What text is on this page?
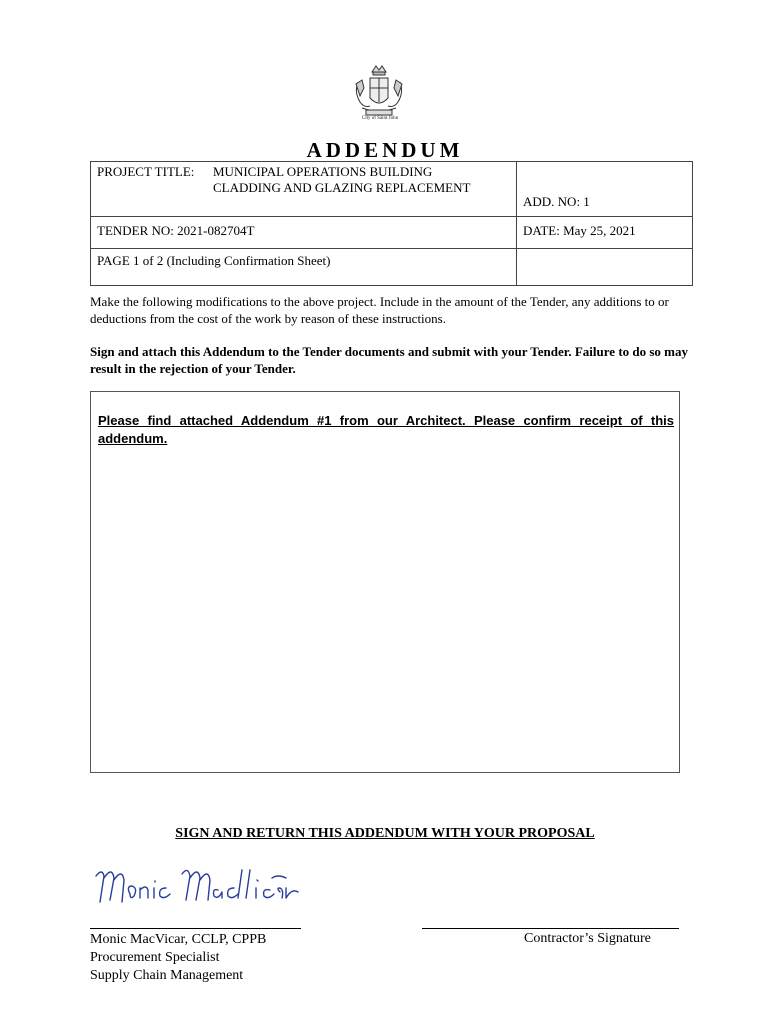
City of Saint John
ADDENDUM
PROJECT TITLE: MUNICIPAL OPERATIONS BUILDING
CLADDING AND GLAZING REPLACEMENT	ADD. NO: 1
TENDER NO: 2021-082704T	DATE: May 25, 2021
PAGE 1 of 2 (Including Confirmation Sheet)	
Make the following modifications to the above project. Include in the amount of the Tender, any additions to or deductions from the cost of the work by reason of these instructions.
Sign and attach this Addendum to the Tender documents and submit with your Tender. Failure to do so may result in the rejection of your Tender.
Please find attached Addendum #1 from our Architect. Please confirm receipt of this addendum.
SIGN AND RETURN THIS ADDENDUM WITH YOUR PROPOSAL
Monic MacVicar, CCLP, CPPB
Procurement Specialist
Supply Chain Management
Contractor’s Signature
